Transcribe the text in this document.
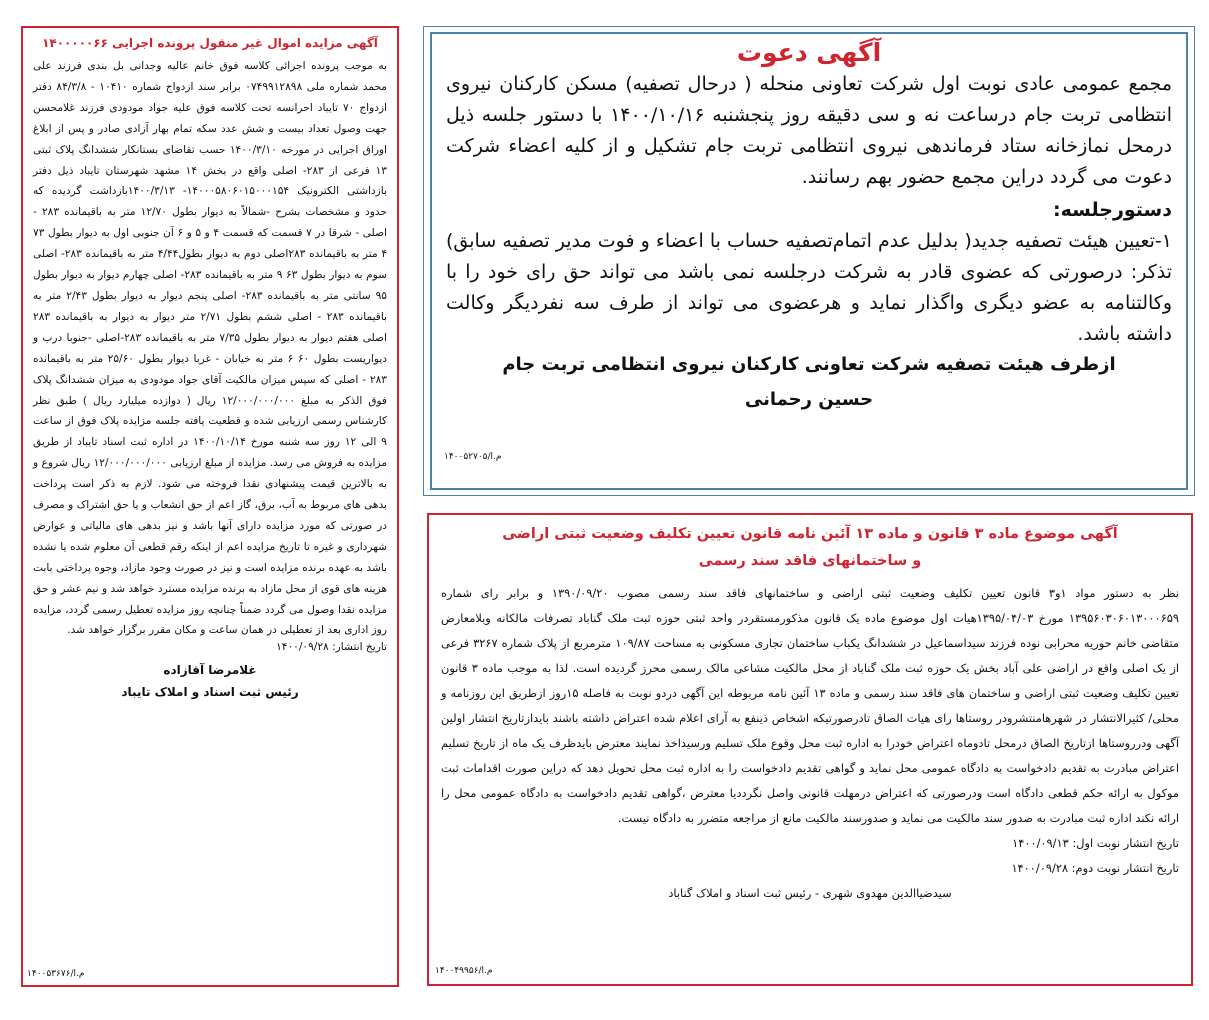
آگهی مزایده اموال غیر منقول پرونده اجرایی ۱۴۰۰۰۰۰۶۶

به موجب پرونده اجرائی کلاسه فوق خانم عالیه وجدانی بل بندی فرزند علی محمد شماره ملی ۰۷۴۹۹۱۲۸۹۸ برابر سند ازدواج شماره ۱۰۴۱۰ - ۸۴/۳/۸ دفتر ازدواج ۷۰ تایباد احرانسه تحت کلاسه فوق علیه جواد مودودی فرزند غلامحسن جهت وصول تعداد بیست و شش عدد سکه تمام بهار آزادی صادر و پس از ابلاغ اوراق اجرایی در مورخه ۱۴۰۰/۳/۱۰ حسب تقاضای بستانکار ششدانگ پلاک ثبتی ۱۳ فرعی از ۲۸۳- اصلی واقع در بخش ۱۴ مشهد شهرستان تایباد ذیل دفتر بازداشتی الکترونیک ۱۴۰۰۰۵۸۰۶۰۱۵۰۰۰۱۵۴- ۱۴۰۰/۳/۱۳بازداشت گردیده که حدود و مشخصات بشرح -شمالاً به دیوار بطول ۱۲/۷۰ متر به باقیمانده ۲۸۳ - اصلی - شرقا در ۷ قسمت که قسمت ۴ و ۵ و ۶ آن جنوبی اول به دیوار بطول ۷۳ ۴ متر به باقیمانده ۲۸۳اصلی دوم به دیوار بطول۴/۴۴ متر به باقیمانده ۲۸۳- اصلی سوم به دیوار بطول ۶۳ ۹ متر به باقیمانده ۲۸۳- اصلی چهارم دیوار به دیوار بطول ۹۵ سانتی متر به باقیمانده ۲۸۳- اصلی پنجم دیوار به دیوار بطول ۲/۴۳ متر به باقیمانده ۲۸۳ - اصلی ششم بطول ۲/۷۱ متر دیوار به دیوار به باقیمانده ۲۸۳ اصلی هفتم دیوار به دیوار بطول ۷/۳۵ متر به باقیمانده ۲۸۳-اصلی -جنوبا درب و دیواریست بطول ۶۰ ۶ متر به خیابان - غربا دیوار بطول ۲۵/۶۰ متر به باقیمانده ۲۸۳ - اصلی که سپس میزان مالکیت آقای جواد مودودی به میزان ششدانگ پلاک فوق الذکر به مبلغ ۱۲/۰۰۰/۰۰۰/۰۰۰ ریال ( دوازده میلیارد ریال ) طبق نظر کارشناس رسمی ارزیابی شده و قطعیت یافته جلسه مزایده پلاک فوق از ساعت ۹ الی ۱۲ روز سه شنبه مورخ ۱۴۰۰/۱۰/۱۴ در اداره ثبت اسناد تایباد از طریق مزایده به فروش می رسد. مزایده از مبلغ ارزیابی ۱۲/۰۰۰/۰۰۰/۰۰۰ ریال شروع و به بالاترین قیمت پیشنهادی نقدا فروخته می شود. لازم به ذکر است پرداخت بدهی های مربوط به آب، برق، گاز اعم از حق انشعاب و یا حق اشتراک و مصرف در صورتی که مورد مزایده دارای آنها باشد و نیز بدهی های مالیاتی و عوارض شهرداری و غیره تا تاریخ مزایده اعم از اینکه رقم قطعی آن معلوم شده یا نشده باشد به عهده برنده مزایده است و نیز در صورت وجود مازاد، وجوه پرداختی بابت هزینه های قوی از محل مازاد به برنده مزایده مسترد خواهد شد و نیم عشر و حق مزایده نقدا وصول می گردد ضمناً چنانچه روز مزایده تعطیل رسمی گردد، مزایده روز اداری بعد از تعطیلی در همان ساعت و مکان مقرر برگزار خواهد شد.

تاریخ انتشار: ۱۴۰۰/۰۹/۲۸
غلامرضا آقازاده
رئیس ثبت اسناد و املاک تایباد
م.ا/۱۴۰۰۵۳۶۷۶
آگهی دعوت

مجمع عمومی عادی نوبت اول شرکت تعاونی منحله ( درحال تصفیه) مسکن کارکنان نیروی انتظامی تربت جام درساعت نه و سی دقیقه روز پنجشنبه ۱۴۰۰/۱۰/۱۶ با دستور جلسه ذیل درمحل نمازخانه ستاد فرماندهی نیروی انتظامی تربت جام تشکیل و از کلیه اعضاء شرکت دعوت می گردد دراین مجمع حضور بهم رسانند.

دستورجلسه:

۱-تعیین هیئت تصفیه جدید( بدلیل عدم اتمام‌تصفیه حساب با اعضاء و فوت مدیر تصفیه سابق) تذکر: درصورتی که عضوی قادر به شرکت درجلسه نمی باشد می تواند حق رای خود را با وکالتنامه به عضو دیگری واگذار نماید و هرعضوی می تواند از طرف سه نفردیگر وکالت داشته باشد.

ازطرف هیئت تصفیه شرکت تعاونی کارکنان نیروی انتظامی تربت جام
حسین رحمانی
م.ا/۱۴۰۰۵۲۷۰۵
آگهی موضوع ماده ۳ قانون و ماده ۱۳ آئین نامه قانون تعیین تکلیف وضعیت ثبتی اراضی
و ساختمانهای فاقد سند رسمی

نظر به دستور مواد ۱و۳ قانون تعیین تکلیف وضعیت ثبتی اراضی و ساختمانهای فاقد سند رسمی مصوب ۱۳۹۰/۰۹/۲۰ و برابر رای شماره ۱۳۹۵۶۰۳۰۶۰۱۳۰۰۰۶۵۹ مورخ ۱۳۹۵/۰۴/۰۳هیات اول موضوع ماده یک قانون مذکورمستقردر واحد ثبتی حوزه ثبت ملک گناباد تصرفات مالکانه وبلامعارض متقاضی خانم حوریه محرابی نوده فرزند سیداسماعیل در ششدانگ یکباب ساختمان تجاری مسکونی به مساحت ۱۰۹/۸۷ مترمربع از پلاک شماره ۳۲۶۷ فرعی از یک اصلی واقع در اراضی علی آباد بخش یک حوزه ثبت ملک گناباد از محل مالکیت مشاعی مالک رسمی محرز گردیده است. لذا به موجب ماده ۳ قانون تعیین تکلیف وضعیت ثبتی اراضی و ساختمان های فاقد سند رسمی و ماده ۱۳ آئین نامه مربوطه این آگهی دردو نوبت به فاصله ۱۵روز ازطریق این روزنامه و محلی/ کثیرالانتشار در شهرهامنتشرودر روستاها رای هیات الصاق تادرصورتیکه اشخاص ذینفع به آرای اعلام شده اعتراض داشته باشند بایدازتاریخ انتشار اولین آگهی ودرروستاها ازتاریخ الصاق درمحل تادوماه اعتراض خودرا به اداره ثبت محل وقوع ملک تسلیم ورسیداخذ نمایند معترض بایدظرف یک ماه از تاریخ تسلیم اعتراض مبادرت به تقدیم دادخواست به دادگاه عمومی محل نماید و گواهی تقدیم دادخواست را به اداره ثبت محل تحویل دهد که دراین صورت اقدامات ثبت موکول به ارائه حکم قطعی دادگاه است ودرصورتی که اعتراض درمهلت قانونی واصل نگرددیا معترض ،گواهی تقدیم دادخواست به دادگاه عمومی محل را ارائه نکند اداره ثبت مبادرت به صدور سند مالکیت می نماید و صدورسند مالکیت مانع از مراجعه متضرر به دادگاه نیست.

تاریخ انتشار نوبت اول: ۱۴۰۰/۰۹/۱۳
تاریخ انتشار نوبت دوم: ۱۴۰۰/۰۹/۲۸
سیدضیاالدین مهدوی شهری - رئیس ثبت اسناد و املاک گناباد
م.ا/۱۴۰۰۴۹۹۵۶
